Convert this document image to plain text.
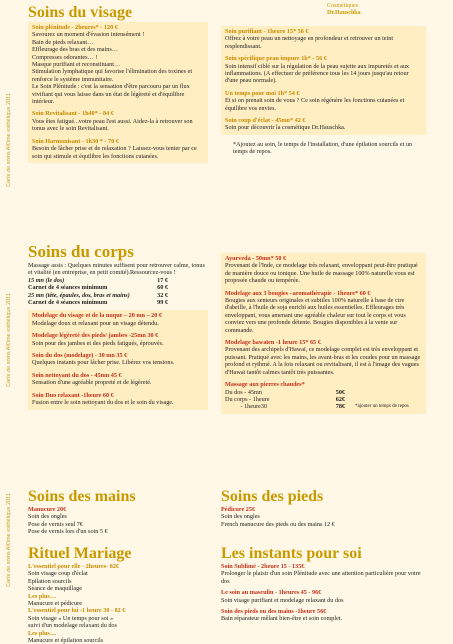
Carte de soins AlOme esthétique 2011
Carte de soins AlOme esthétique 2011
Carte de soins AlOme esthétique 2011
Soins du visage
Soin plénitude - 2heures* - 120 €
Savourez un moment d'évasion intensément !
Bain de pieds relaxant…
Effleurage des bras et des mains…
Compresses odorantes… !
Masque purifiant et reconstituant…
Stimulation lymphatique qui favorise l'élimination des toxines et renforce le système immunitaire.
Le Soin Plénitude : c'est la sensation d'être parcouru par un flux vivifiant qui vous laisse dans un état de légèreté et d'équilibre intérieur.
Soin Revitalisant - 1h40* - 84 €
Vous êtes fatigué...votre peau l'est aussi. Aidez-la à retrouver son tonus avec le soin Revitalisant.
Soin Harmonisant - 1h30 * - 70 €
Besoin de lâcher prise et de relaxation ? Laissez-vous tenter par ce soin qui stimule et équilibre les fonctions cutanées.
Cosmétiques
Dr.Hauschka
Soin purifiant - 1heure 15* 56 €
Offrez à votre peau un nettoyage en profondeur et retrouver un teint resplendissant.
Soin spécifique peau impure 1h* - 56 €
Soin intensif ciblé sur la régulation de la peau sujette aux impuretés et aux inflammations. (A effectuer de préférence tous les 14 jours jusqu'au retour d'une peau normale).
Un temps pour moi 1h* 54 €
Et si on prenait soin de vous ? Ce soin régénère les fonctions cutanées et équilibre vos envies.
Soin coup d'éclat - 45mn* 42 €
Soin pour découvrir la cosmétique Dr.Hauschka.
*Ajoutez au soin, le temps de l'installation, d'une épilation sourcils et un temps de repos.
Soins du corps
Massage assis : Quelques minutes suffisent pour retrouver calme, tonus et vitalité (en entreprise, en petit comité).Ressourcez-vous !
15 mn (le dos)	17 €
Carnet de 4 séances minimum	60 €
25 mn (tête, épaules, dos, bras et mains)	32 €
Carnet de 4 séances minimum	99 €
Modelage du visage et de la nuque – 20 mn – 20 €
Modelage doux et relaxant pour un visage détendu.
Modelage légèreté des pieds/ jambes -25mn 30 €
Soin pour des jambes et des pieds fatigués, éprouvés.
Soin du dos (modelage) - 30 mn 35 €
Quelques instants pour lâcher prise. Libérez vos tensions.
Soin nettoyant du dos - 45mn 45 €
Sensation d'une agréable propreté et de légèreté.
Soin Duo relaxant -1heure 60 €
Fusion entre le soin nettoyant du dos et le soin du visage.
Ayurveda - 50mn* 50 €
Provenant de l'Inde, ce modelage très relaxant, enveloppant peut-être pratiqué de manière douce ou tonique. Une huile de massage 100% naturelle vous est proposée chaude ou tempérée.
Modelage aux 3 bougies –aromathérapie - 1heure* 60 €
Bougies aux senteurs originales et subtiles 100% naturelle à base de cire d'abeille, à l'huile de soja enrichi aux huiles essentielles. Effleurages très enveloppant, vous amenant une agréable chaleur sur tout le corps et vous conviez vers une profonde détente. Bougies disponibles à la vente sur commande.
Modelage hawaïen -1 heure 15* 65 €
Provenant des archipels d'Hawaï, ce modelage complet est très enveloppant et puissant. Pratiqué avec les mains, les avant-bras et les coudes pour un massage profond et rythmé. A la fois relaxant ou revitalisant, il est à l'image des vagues d'Hawaï tantôt calmes tantôt très puissantes.
Massage aux pierres chaudes*
Du dos - 45mn	50€
Du corps - 1heure	62€
- 1heure30	78€ *ajouter un temps de repos
Soins des mains
Manucure 20€
Soin des ongles
Pose de vernis seul 7€
Pose de vernis lors d'un soin 5 €
Soins des pieds
Pédicure 25€
Soin des ongles
French manucure des pieds ou des mains 12 €
Rituel Mariage
L'essentiel pour elle - 2heures- 82€
Soin visage coup d'éclat
Epilation sourcils
Séance de maquillage
Les plus…
Manucure et pédicure
L'essentiel pour lui -1 heure 30 - 82 €
Soin visage « Un temps pour soi »
suivi d'un modelage relaxant du dos
Les plus…
Manucure et épilation sourcils
Les instants pour soi
Soin Sublimé - 2heure 15 - 135€
Prolonger le plaisir d'un soin Plénitude avec une attention particulière pour votre dos
Le soin au masculin - 1heures 45 - 96€
Soin visage purifiant et modelage relaxant du dos
Soin des pieds ou des mains -1heure 56€
Bain réparateur mêlant bien-être et soin complet.
